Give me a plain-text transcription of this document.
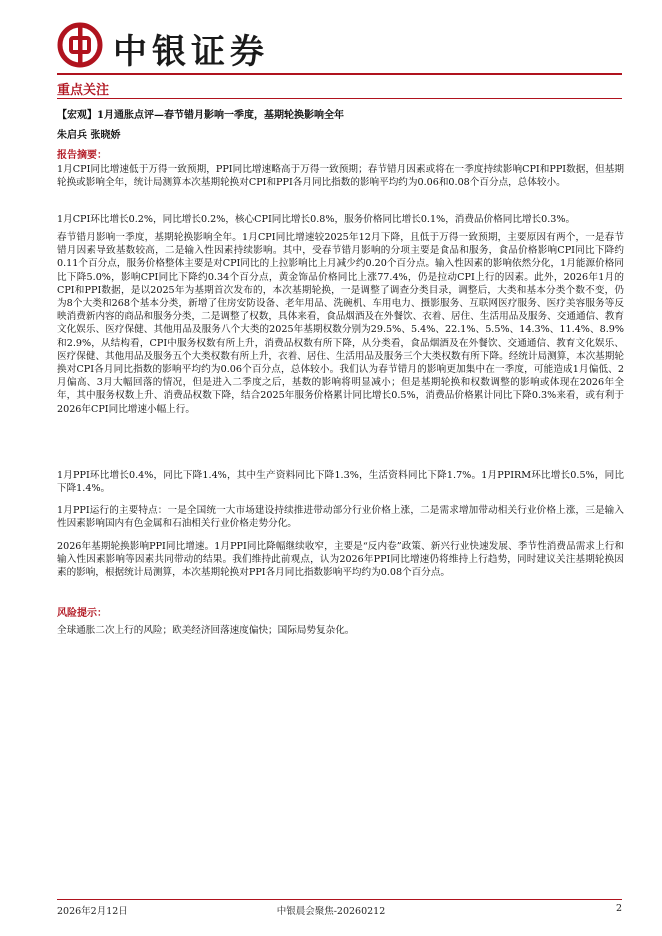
中银证券
重点关注
【宏观】1月通胀点评—春节错月影响一季度，基期轮换影响全年
朱启兵 张晓娇
报告摘要：

1月CPI同比增速低于万得一致预期，PPI同比增速略高于万得一致预期；春节错月因素或将在一季度持续影响CPI和PPI数据，但基期轮换或影响全年，统计局测算本次基期轮换对CPI和PPI各月同比指数的影响平均约为0.06和0.08个百分点，总体较小。

1月CPI环比增长0.2%，同比增长0.2%，核心CPI同比增长0.8%，服务价格同比增长0.1%，消费品价格同比增长0.3%。

春节错月影响一季度，基期轮换影响全年。1月CPI同比增速较2025年12月下降，且低于万得一致预期，主要原因有两个，一是春节错月因素导致基数较高，二是输入性因素持续影响。其中，受春节错月影响的分项主要是食品和服务，食品价格影响CPI同比下降约0.11个百分点，服务价格整体主要是对CPI同比的上拉影响比上月减少约0.20个百分点。输入性因素的影响依然分化，1月能源价格同比下降5.0%，影响CPI同比下降约0.34个百分点，黄金饰品价格同比上涨77.4%，仍是拉动CPI上行的因素。此外，2026年1月的CPI和PPI数据，是以2025年为基期首次发布的，本次基期轮换，一是调整了调查分类目录，调整后，大类和基本分类个数不变，仍为8个大类和268个基本分类，新增了住房安防设备、老年用品、洗碗机、车用电力、摄影服务、互联网医疗服务、医疗美容服务等反映消费新内容的商品和服务分类，二是调整了权数，具体来看，食品烟酒及在外餐饮、衣着、居住、生活用品及服务、交通通信、教育文化娱乐、医疗保健、其他用品及服务八个大类的2025年基期权数分别为29.5%、5.4%、22.1%、5.5%、14.3%、11.4%、8.9%和2.9%，从结构看，CPI中服务权数有所上升，消费品权数有所下降，从分类看，食品烟酒及在外餐饮、交通通信、教育文化娱乐、医疗保健、其他用品及服务五个大类权数有所上升，衣着、居住、生活用品及服务三个大类权数有所下降。经统计局测算，本次基期轮换对CPI各月同比指数的影响平均约为0.06个百分点，总体较小。我们认为春节错月的影响更加集中在一季度，可能造成1月偏低、2月偏高、3月大幅回落的情况，但是进入二季度之后，基数的影响将明显减小；但是基期轮换和权数调整的影响或体现在2026年全年，其中服务权数上升、消费品权数下降，结合2025年服务价格累计同比增长0.5%，消费品价格累计同比下降0.3%来看，或有利于2026年CPI同比增速小幅上行。

1月PPI环比增长0.4%，同比下降1.4%，其中生产资料同比下降1.3%，生活资料同比下降1.7%。1月PPIRM环比增长0.5%，同比下降1.4%。

1月PPI运行的主要特点：一是全国统一大市场建设持续推进带动部分行业价格上涨，二是需求增加带动相关行业价格上涨，三是输入性因素影响国内有色金属和石油相关行业价格走势分化。

2026年基期轮换影响PPI同比增速。1月PPI同比降幅继续收窄，主要是“反内卷”政策、新兴行业快速发展、季节性消费品需求上行和输入性因素影响等因素共同带动的结果。我们维持此前观点，认为2026年PPI同比增速仍将维持上行趋势，同时建议关注基期轮换因素的影响，根据统计局测算，本次基期轮换对PPI各月同比指数影响平均约为0.08个百分点。

风险提示：

全球通胀二次上行的风险；欧美经济回落速度偏快；国际局势复杂化。

2026年2月12日	中银晨会聚焦-20260212	2
